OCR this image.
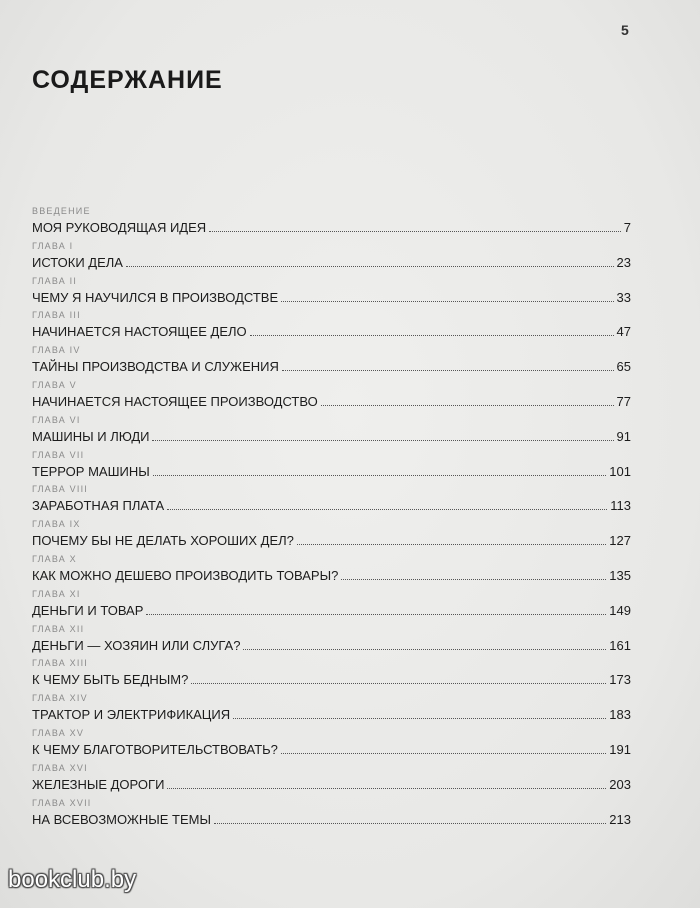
5
СОДЕРЖАНИЕ
ВВЕДЕНИЕ
МОЯ РУКОВОДЯЩАЯ ИДЕЯ	7
ГЛАВА I
ИСТОКИ ДЕЛА	23
ГЛАВА II
ЧЕМУ Я НАУЧИЛСЯ В ПРОИЗВОДСТВЕ	33
ГЛАВА III
НАЧИНАЕТСЯ НАСТОЯЩЕЕ ДЕЛО	47
ГЛАВА IV
ТАЙНЫ ПРОИЗВОДСТВА И СЛУЖЕНИЯ	65
ГЛАВА V
НАЧИНАЕТСЯ НАСТОЯЩЕЕ ПРОИЗВОДСТВО	77
ГЛАВА VI
МАШИНЫ И ЛЮДИ	91
ГЛАВА VII
ТЕРРОР МАШИНЫ	101
ГЛАВА VIII
ЗАРАБОТНАЯ ПЛАТА	113
ГЛАВА IX
ПОЧЕМУ БЫ НЕ ДЕЛАТЬ ХОРОШИХ ДЕЛ?	127
ГЛАВА X
КАК МОЖНО ДЕШЕВО ПРОИЗВОДИТЬ ТОВАРЫ?	135
ГЛАВА XI
ДЕНЬГИ И ТОВАР	149
ГЛАВА XII
ДЕНЬГИ — ХОЗЯИН ИЛИ СЛУГА?	161
ГЛАВА XIII
К ЧЕМУ БЫТЬ БЕДНЫМ?	173
ГЛАВА XIV
ТРАКТОР И ЭЛЕКТРИФИКАЦИЯ	183
ГЛАВА XV
К ЧЕМУ БЛАГОТВОРИТЕЛЬСТВОВАТЬ?	191
ГЛАВА XVI
ЖЕЛЕЗНЫЕ ДОРОГИ	203
ГЛАВА XVII
НА ВСЕВОЗМОЖНЫЕ ТЕМЫ	213
bookclub.by
